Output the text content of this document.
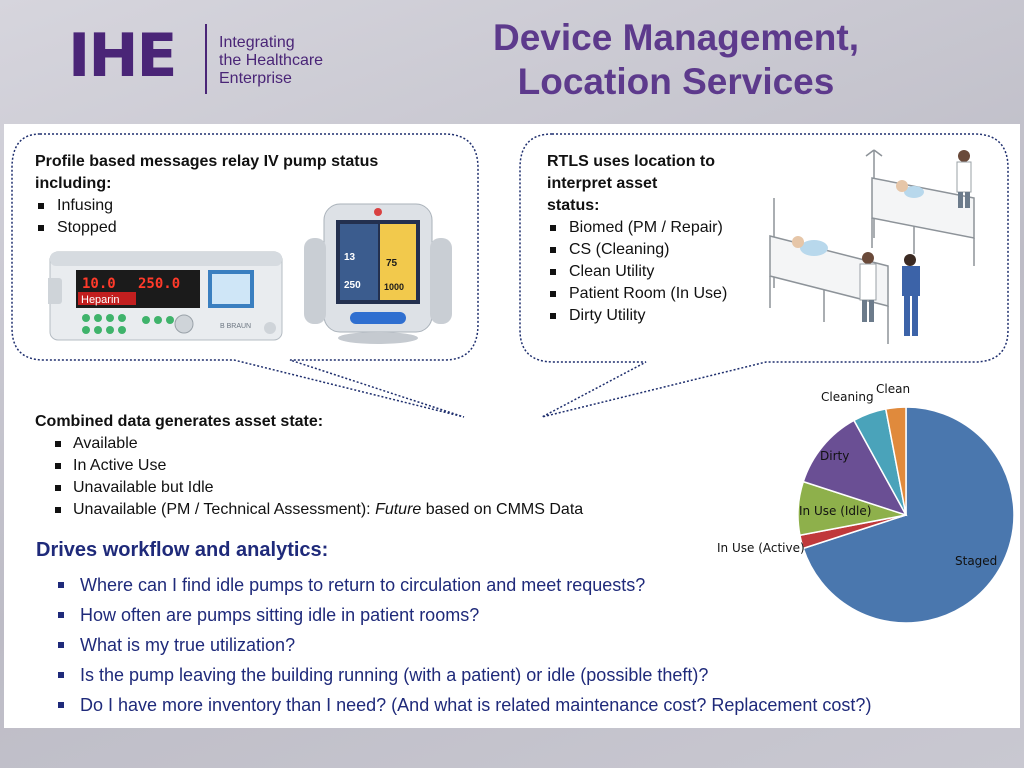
IHE	Integrating
the Healthcare
Enterprise
Device Management,
Location Services
Profile based messages relay IV pump status
including:
Infusing
Stopped
10.0 250.0
Heparin
B BRAUN
13
250
75
1000
RTLS uses location to
interpret asset
status:
Biomed (PM / Repair)
CS (Cleaning)
Clean Utility
Patient Room (In Use)
Dirty Utility
Combined data generates asset state:
Available
In Active Use
Unavailable but Idle
Unavailable (PM / Technical Assessment): Future based on CMMS Data
Drives workflow and analytics:
Where can I find idle pumps to return to circulation and meet requests?
How often are pumps sitting idle in patient rooms?
What is my true utilization?
Is the pump leaving the building running (with a patient) or idle (possible theft)?
Do I have more inventory than I need? (And what is related maintenance cost? Replacement cost?)
Cleaning
Clean
Dirty
In Use (Idle)
In Use (Active)
Staged
